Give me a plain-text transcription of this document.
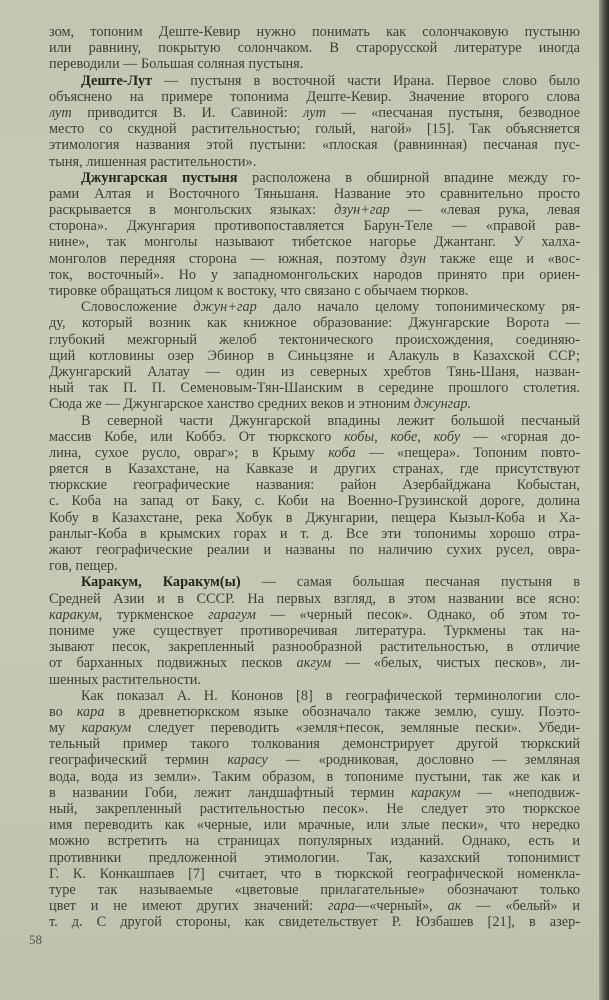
зом, топоним Деште-Кевир нужно понимать как солончаковую пустыню
или равнину, покрытую солончаком. В старорусской литературе иногда
переводили — Большая соляная пустыня.
Деште-Лут — пустыня в восточной части Ирана. Первое слово было
объяснено на примере топонима Деште-Кевир. Значение второго слова
лут приводится В. И. Савиной: лут — «песчаная пустыня, безводное
место со скудной растительностью; голый, нагой» [15]. Так объясняется
этимология названия этой пустыни: «плоская (равнинная) песчаная пус-
тыня, лишенная растительности».
Джунгарская пустыня расположена в обширной впадине между го-
рами Алтая и Восточного Тяньшаня. Название это сравнительно просто
раскрывается в монгольских языках: дзун+гар — «левая рука, левая
сторона». Джунгария противопоставляется Барун-Теле — «правой рав-
нине», так монголы называют тибетское нагорье Джантанг. У халха-
монголов передняя сторона — южная, поэтому дзун также еще и «вос-
ток, восточный». Но у западномонгольских народов принято при ориен-
тировке обращаться лицом к востоку, что связано с обычаем тюрков.
Словосложение джун+гар дало начало целому топонимическому ря-
ду, который возник как книжное образование: Джунгарские Ворота —
глубокий межгорный желоб тектонического происхождения, соединяю-
щий котловины озер Эбинор в Синьцзяне и Алакуль в Казахской ССР;
Джунгарский Алатау — один из северных хребтов Тянь-Шаня, назван-
ный так П. П. Семеновым-Тян-Шанским в середине прошлого столетия.
Сюда же — Джунгарское ханство средних веков и этноним джунгар.
В северной части Джунгарской впадины лежит большой песчаный
массив Кобе, или Коббэ. От тюркского кобы, кобе, кобу — «горная до-
лина, сухое русло, овраг»; в Крыму коба — «пещера». Топоним повто-
ряется в Казахстане, на Кавказе и других странах, где присутствуют
тюркские географические названия: район Азербайджана Кобыстан,
с. Коба на запад от Баку, с. Коби на Военно-Грузинской дороге, долина
Кобу в Казахстане, река Хобук в Джунгарии, пещера Кызыл-Коба и Ха-
ранлыг-Коба в крымских горах и т. д. Все эти топонимы хорошо отра-
жают географические реалии и названы по наличию сухих русел, овра-
гов, пещер.
Каракум, Каракум(ы) — самая большая песчаная пустыня в
Средней Азии и в СССР. На первых взгляд, в этом названии все ясно:
каракум, туркменское гарагум — «черный песок». Однако, об этом то-
пониме уже существует противоречивая литература. Туркмены так на-
зывают песок, закрепленный разнообразной растительностью, в отличие
от барханных подвижных песков акгум — «белых, чистых песков», ли-
шенных растительности.
Как показал А. Н. Кононов [8] в географической терминологии сло-
во кара в древнетюркском языке обозначало также землю, сушу. Поэто-
му каракум следует переводить «земля+песок, земляные пески». Убеди-
тельный пример такого толкования демонстрирует другой тюркский
географический термин карасу — «родниковая, дословно — земляная
вода, вода из земли». Таким образом, в топониме пустыни, так же как и
в названии Гоби, лежит ландшафтный термин каракум — «неподвиж-
ный, закрепленный растительностью песок». Не следует это тюркское
имя переводить как «черные, или мрачные, или злые пески», что нередко
можно встретить на страницах популярных изданий. Однако, есть и
противники предложенной этимологии. Так, казахский топонимист
Г. К. Конкашпаев [7] считает, что в тюркской географической номенкла-
туре так называемые «цветовые прилагательные» обозначают только
цвет и не имеют других значений: гара—«черный», ак — «белый» и
т. д. С другой стороны, как свидетельствует Р. Юзбашев [21], в азер-
58
